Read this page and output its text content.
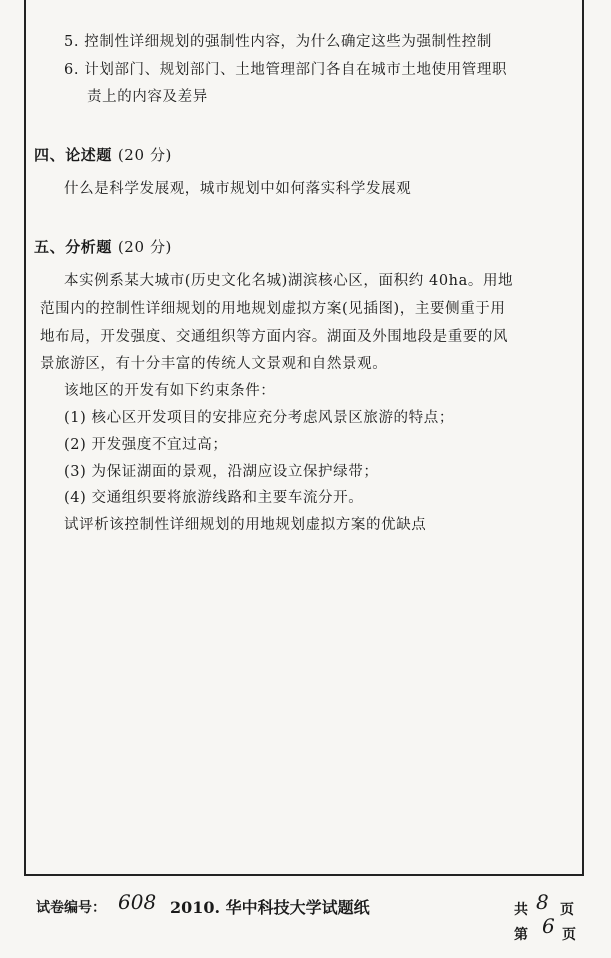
5. 控制性详细规划的强制性内容，为什么确定这些为强制性控制
6. 计划部门、规划部门、土地管理部门各自在城市土地使用管理职
责上的内容及差异
四、论述题 (20 分)
什么是科学发展观，城市规划中如何落实科学发展观
五、分析题 (20 分)
本实例系某大城市(历史文化名城)湖滨核心区，面积约 40ha。用地
范围内的控制性详细规划的用地规划虚拟方案(见插图)，主要侧重于用
地布局，开发强度、交通组织等方面内容。湖面及外围地段是重要的风
景旅游区，有十分丰富的传统人文景观和自然景观。
该地区的开发有如下约束条件：
(1) 核心区开发项目的安排应充分考虑风景区旅游的特点；
(2) 开发强度不宜过高；
(3) 为保证湖面的景观，沿湖应设立保护绿带；
(4) 交通组织要将旅游线路和主要车流分开。
试评析该控制性详细规划的用地规划虚拟方案的优缺点
试卷编号： 608 2010. 华中科技大学试题纸	共 8 页
第 6 页
